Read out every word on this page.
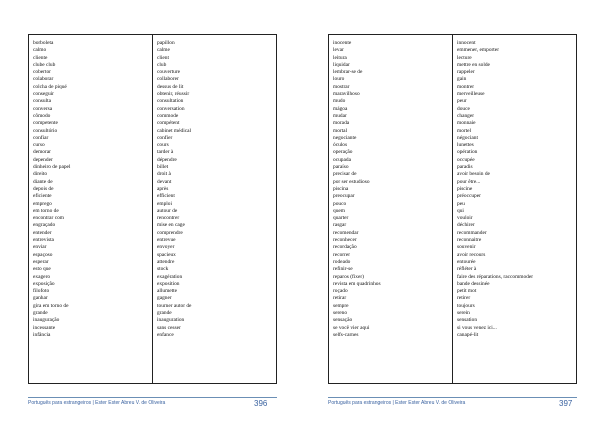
borboleta
calmo
cliente
clube club
cobertor
colaborar
colcha de piqué
conseguir
consulta
conversa
cômodo
competente
consultório
confiar
curso
demorar
depender
dinheiro de papel
direito
diante de
depois de
eficiente
emprego
em torno de
encontrar com
engraçado
entender
entrevista
enviar
espaçoso
esperar
esto que
exagero
exposição
filofoto
ganhar
gira em torno de
grande
inauguração
incessante
infância
papillon
calme
client
club
couverture
collaborer
dessus de lit
obtenir, réussir
consultation
conversation
commode
compétent
cabinet médical
confier
cours
tarder à
dépendre
billet
droit à
devant
après
efficient
emploi
autour de
rencontrer
mise en cage
comprendre
entrevue
envoyer
spacieux
attendre
stock
exagération
exposition
allumette
gagner
tourner autor de
grande
inauguration
sans cesser
enfance
Português para estrangeiros | Ester Ester Abreu V. de Oliveira	396
inocente
levar
leitura
liquidar
lembrar-se de
louro
mostrar
maravilhoso
mudo
mágoa
mudar
morada
mortal
negociante
óculos
operação
ocupada
paraíso
precisar de
por ser estudioso
piscina
preocupar
pouco
quem
quarter
rasgar
recomendar
reconhecer
recordação
recorrer
rodeado
refinir-se
reparos (fixer)
revista em quadrinhos
roçado
retirar
sempre
sereno
sensação
se você vier aqui
selfs-carnes
innocent
emmener, emporter
lecture
mettre en solde
rappeler
gain
montrer
merveilleuse
peur
douce
changer
monnaie
mortel
négociant
lunettes
opération
occupée
paradis
avoir besoin de
pour être...
piscine
préoccuper
peu
qui
vouloir
déchirer
recommander
reconnaitre
souvenir
avoir recours
entourée
réfléter à
faire des réparations, raccommoder
bande dessinée
petit mot
retirer
toujours
serein
sensation
si vous venez ici...
canapé-lit
Português para estrangeiros | Ester Ester Abreu V. de Oliveira	397
